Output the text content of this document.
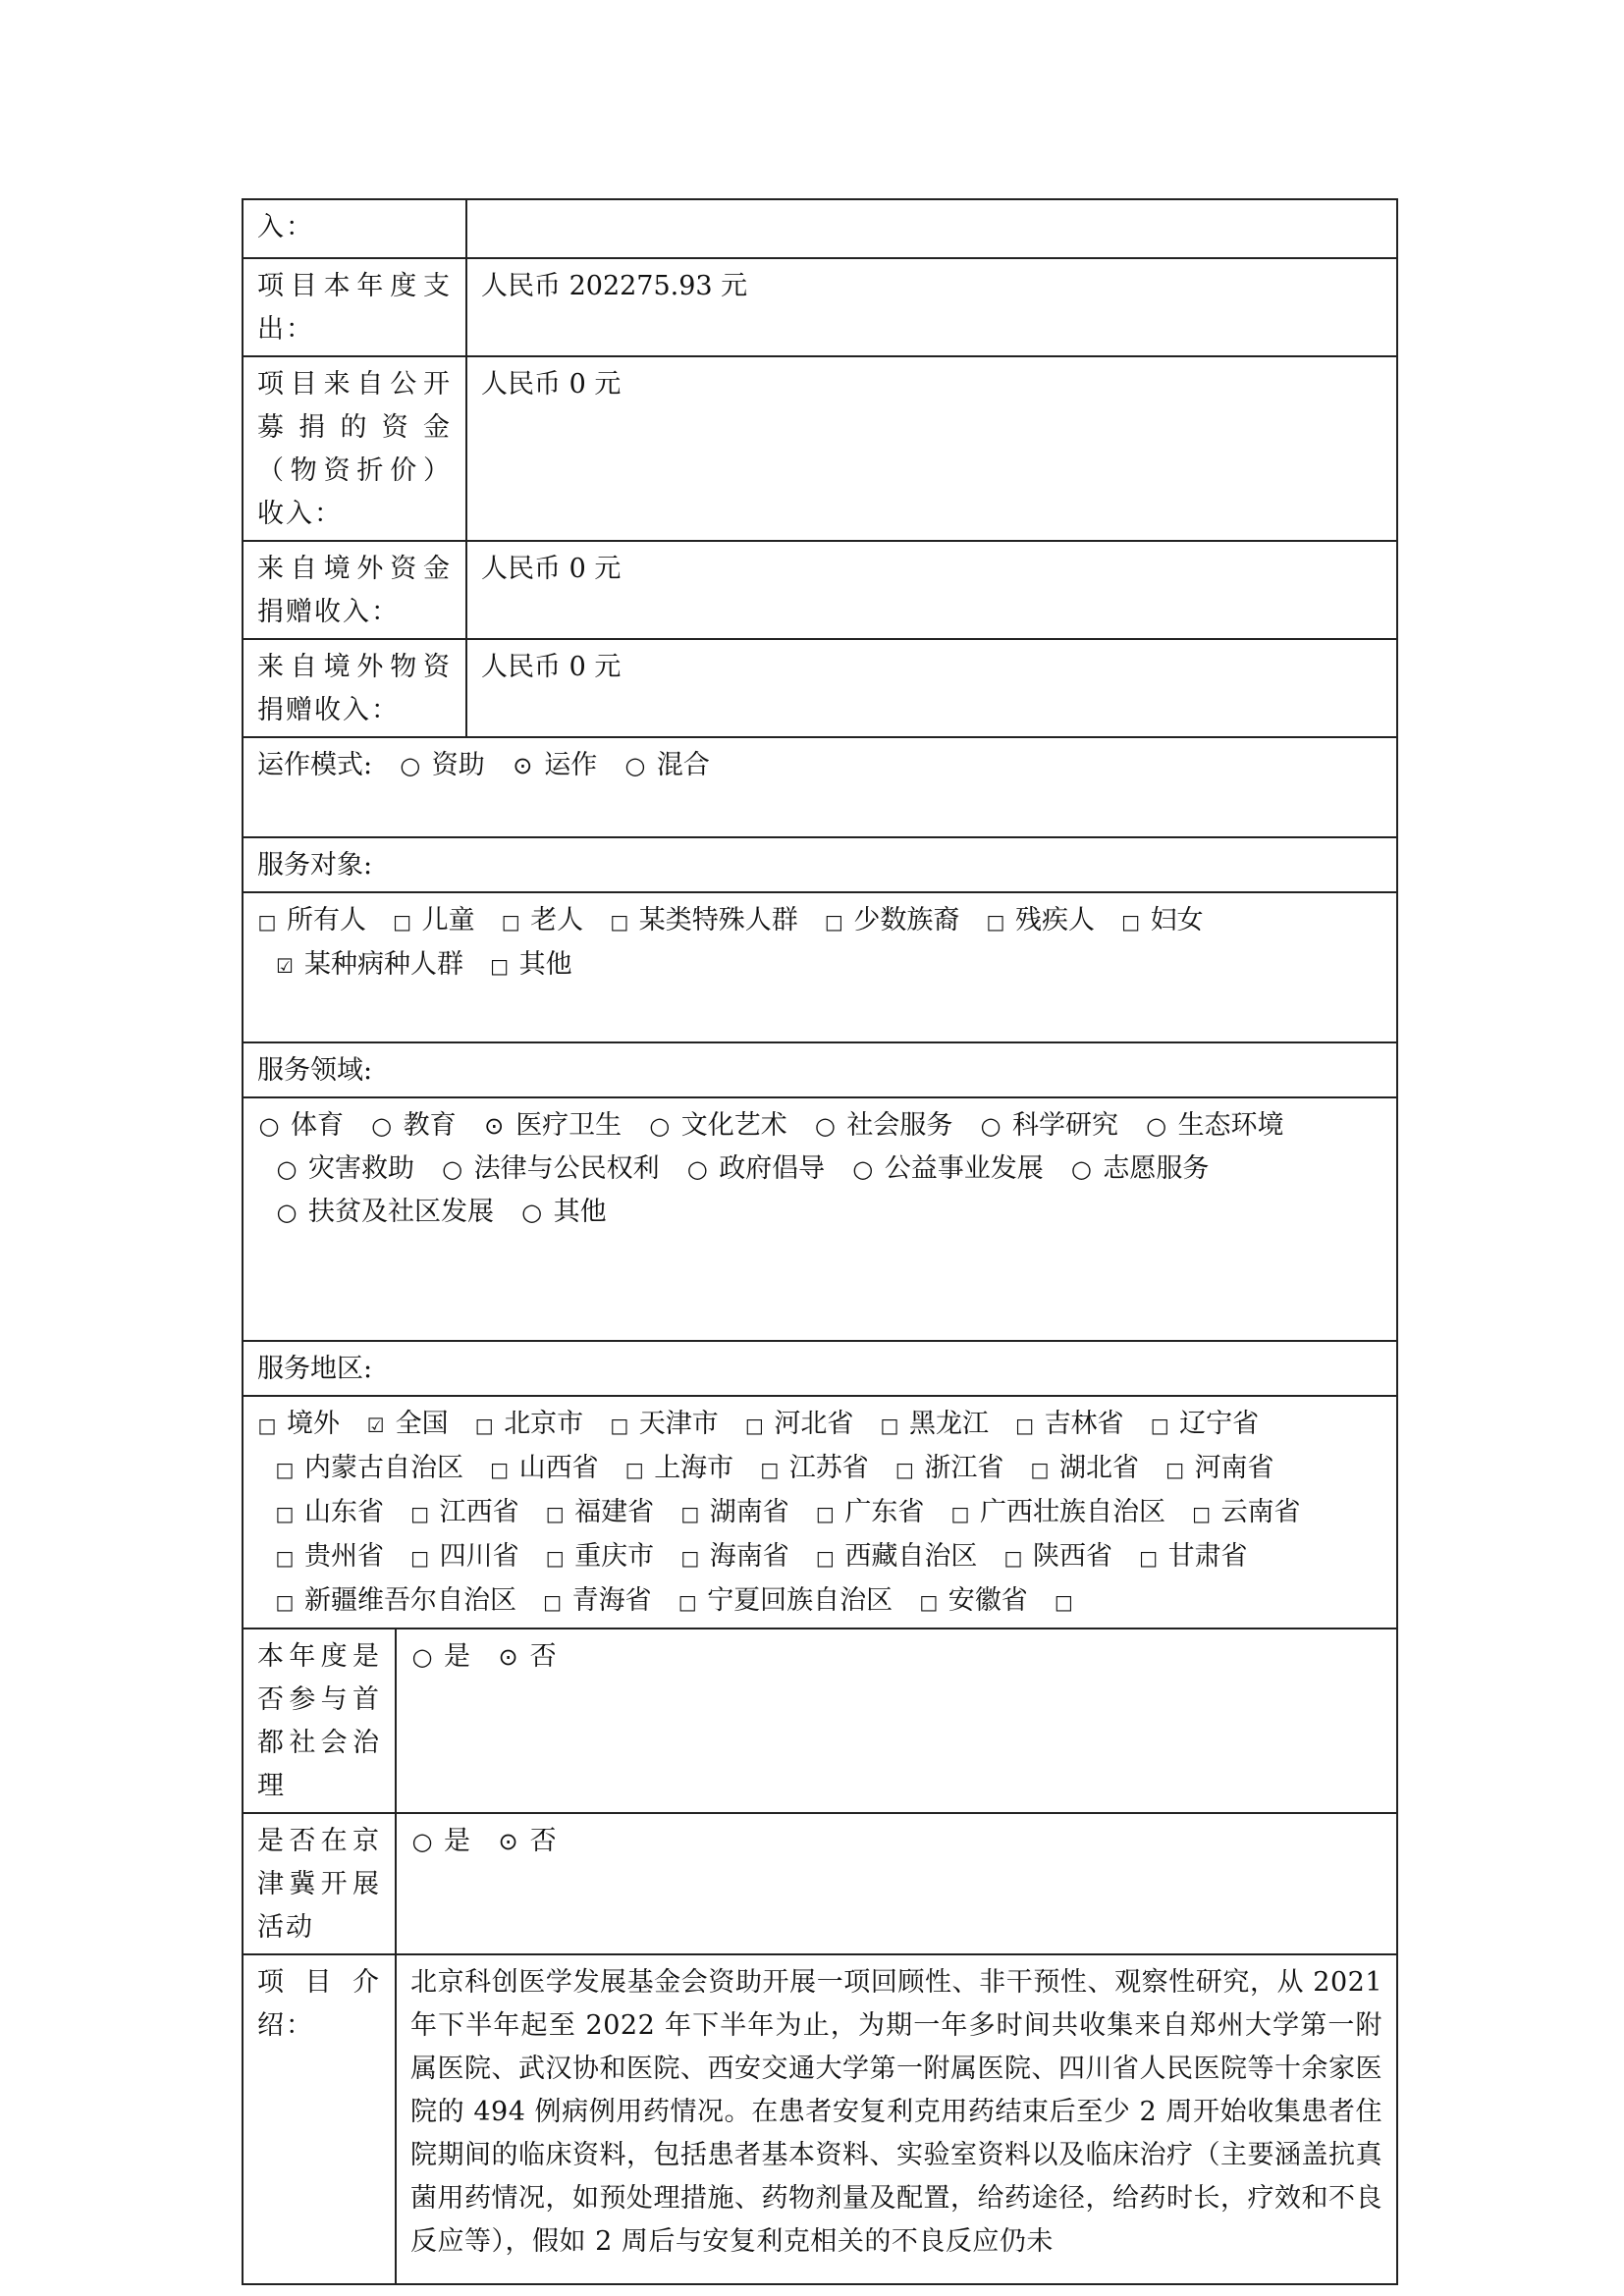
入：		
项目本年度支出：		人民币 202275.93 元
项目来自公开募捐的资金（物资折价）收入：		人民币 0 元
来自境外资金捐赠收入：		人民币 0 元
来自境外物资捐赠收入：		人民币 0 元
运作模式: ○ 资助 ⊙ 运作 ○ 混合		
服务对象:		
□ 所有人 □ 儿童 □ 老人 □ 某类特殊人群 □ 少数族裔 □ 残疾人 □ 妇女 ☑ 某种病种人群 □ 其他		
服务领域:		
○ 体育 ○ 教育 ⊙ 医疗卫生 ○ 文化艺术 ○ 社会服务 ○ 科学研究 ○ 生态环境 ○ 灾害救助 ○ 法律与公民权利 ○ 政府倡导 ○ 公益事业发展 ○ 志愿服务 ○ 扶贫及社区发展 ○ 其他		
服务地区:		
□ 境外 ☑ 全国 □ 北京市 □ 天津市 □ 河北省 □ 黑龙江 □ 吉林省 □ 辽宁省 □ 内蒙古自治区 □ 山西省 □ 上海市 □ 江苏省 □ 浙江省 □ 湖北省 □ 河南省 □ 山东省 □ 江西省 □ 福建省 □ 湖南省 □ 广东省 □ 广西壮族自治区 □ 云南省 □ 贵州省 □ 四川省 □ 重庆市 □ 海南省 □ 西藏自治区 □ 陕西省 □ 甘肃省 □ 新疆维吾尔自治区 □ 青海省 □ 宁夏回族自治区 □ 安徽省 □		
本年度是否参与首都社会治理	○ 是 ⊙ 否	
是否在京津冀开展活动	○ 是 ⊙ 否	
项 目 介 绍：	北京科创医学发展基金会资助开展一项回顾性、非干预性、观察性研究，从 2021 年下半年起至 2022 年下半年为止，为期一年多时间共收集来自郑州大学第一附属医院、武汉协和医院、西安交通大学第一附属医院、四川省人民医院等十余家医院的 494 例病例用药情况。在患者安复利克用药结束后至少 2 周开始收集患者住院期间的临床资料，包括患者基本资料、实验室资料以及临床治疗（主要涵盖抗真菌用药情况，如预处理措施、药物剂量及配置，给药途径，给药时长，疗效和不良反应等），假如 2 周后与安复利克相关的不良反应仍未	
